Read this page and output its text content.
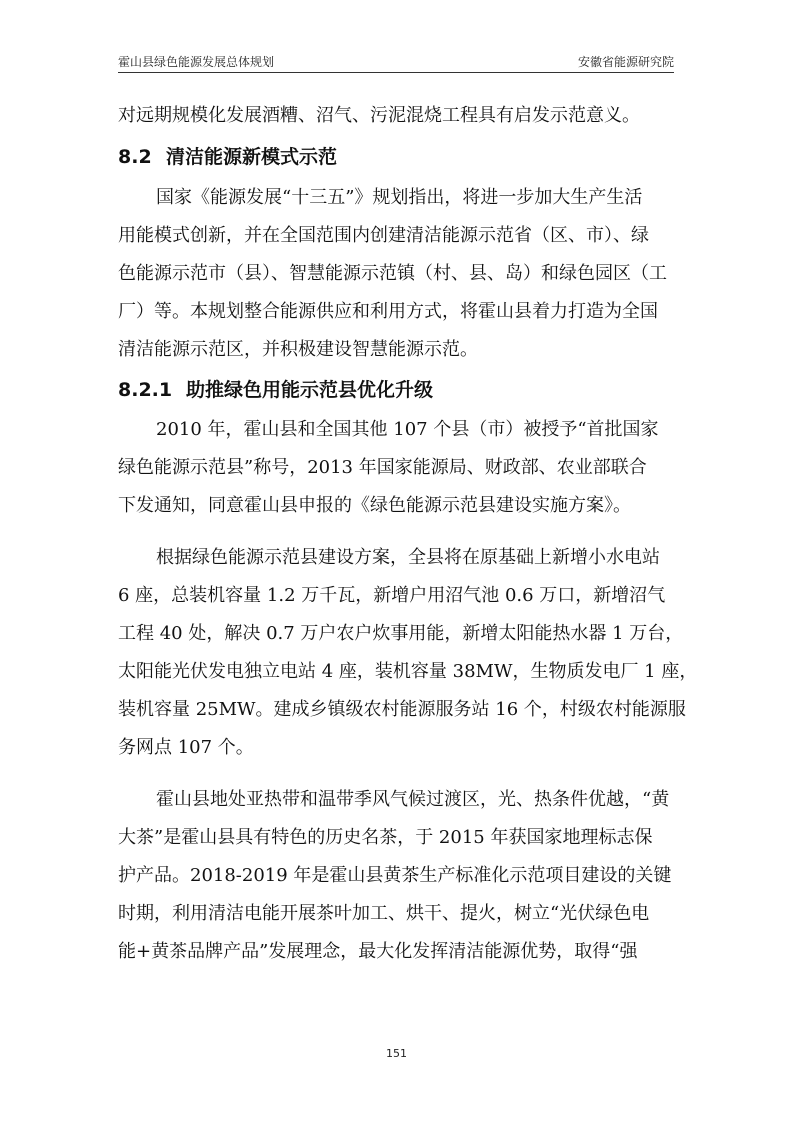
霍山县绿色能源发展总体规划	安徽省能源研究院
对远期规模化发展酒糟、沼气、污泥混烧工程具有启发示范意义。
8.2 清洁能源新模式示范
国家《能源发展“十三五”》规划指出，将进一步加大生产生活
用能模式创新，并在全国范围内创建清洁能源示范省（区、市）、绿
色能源示范市（县）、智慧能源示范镇（村、县、岛）和绿色园区（工
厂）等。本规划整合能源供应和利用方式，将霍山县着力打造为全国
清洁能源示范区，并积极建设智慧能源示范。
8.2.1 助推绿色用能示范县优化升级
2010 年，霍山县和全国其他 107 个县（市）被授予“首批国家
绿色能源示范县”称号，2013 年国家能源局、财政部、农业部联合
下发通知，同意霍山县申报的《绿色能源示范县建设实施方案》。
根据绿色能源示范县建设方案，全县将在原基础上新增小水电站
6 座，总装机容量 1.2 万千瓦，新增户用沼气池 0.6 万口，新增沼气
工程 40 处，解决 0.7 万户农户炊事用能，新增太阳能热水器 1 万台，
太阳能光伏发电独立电站 4 座，装机容量 38MW，生物质发电厂 1 座，
装机容量 25MW。建成乡镇级农村能源服务站 16 个，村级农村能源服
务网点 107 个。
霍山县地处亚热带和温带季风气候过渡区，光、热条件优越，“黄
大茶”是霍山县具有特色的历史名茶，于 2015 年获国家地理标志保
护产品。2018-2019 年是霍山县黄茶生产标准化示范项目建设的关键
时期，利用清洁电能开展茶叶加工、烘干、提火，树立“光伏绿色电
能+黄茶品牌产品”发展理念，最大化发挥清洁能源优势，取得“强
151
